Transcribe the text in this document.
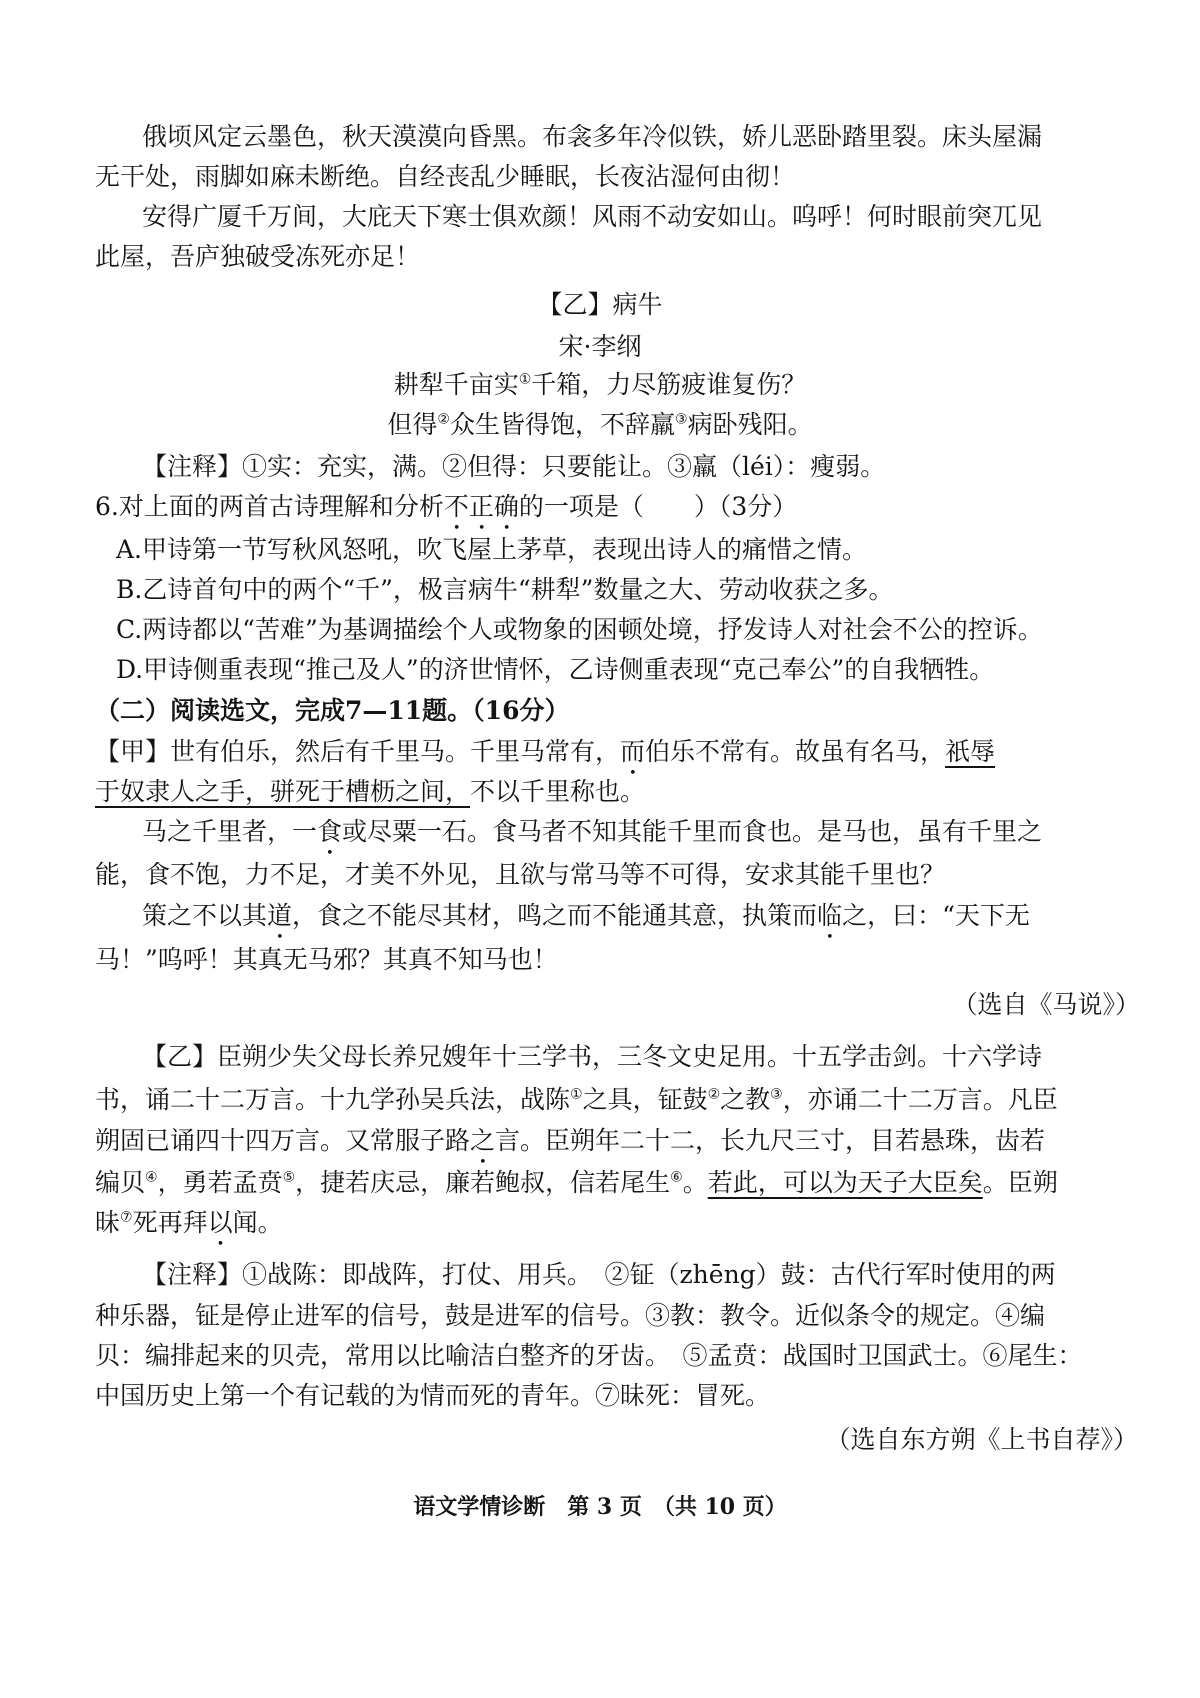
俄顷风定云墨色，秋天漠漠向昏黑。布衾多年冷似铁，娇儿恶卧踏里裂。床头屋漏
无干处，雨脚如麻未断绝。自经丧乱少睡眠，长夜沾湿何由彻！
安得广厦千万间，大庇天下寒士俱欢颜！风雨不动安如山。呜呼！何时眼前突兀见
此屋，吾庐独破受冻死亦足！
【乙】病牛
宋·李纲
耕犁千亩实①千箱，力尽筋疲谁复伤？
但得②众生皆得饱，不辞羸③病卧残阳。
【注释】①实：充实，满。②但得：只要能让。③羸（léi）：瘦弱。
6.对上面的两首古诗理解和分析不正确的一项是（　　）（3分）
A.甲诗第一节写秋风怒吼，吹飞屋上茅草，表现出诗人的痛惜之情。
B.乙诗首句中的两个“千”，极言病牛“耕犁”数量之大、劳动收获之多。
C.两诗都以“苦难”为基调描绘个人或物象的困顿处境，抒发诗人对社会不公的控诉。
D.甲诗侧重表现“推己及人”的济世情怀，乙诗侧重表现“克己奉公”的自我牺牲。
（二）阅读选文，完成7—11题。（16分）
【甲】世有伯乐，然后有千里马。千里马常有，而伯乐不常有。故虽有名马，祇辱
于奴隶人之手，骈死于槽枥之间，不以千里称也。
马之千里者，一食或尽粟一石。食马者不知其能千里而食也。是马也，虽有千里之
能，食不饱，力不足，才美不外见，且欲与常马等不可得，安求其能千里也？
策之不以其道，食之不能尽其材，鸣之而不能通其意，执策而临之，曰：“天下无
马！”呜呼！其真无马邪？其真不知马也！
（选自《马说》）
【乙】臣朔少失父母长养兄嫂年十三学书，三冬文史足用。十五学击剑。十六学诗
书，诵二十二万言。十九学孙吴兵法，战陈①之具，钲鼓②之教③，亦诵二十二万言。凡臣
朔固已诵四十四万言。又常服子路之言。臣朔年二十二，长九尺三寸，目若悬珠，齿若
编贝④，勇若孟贲⑤，捷若庆忌，廉若鲍叔，信若尾生⑥。若此，可以为天子大臣矣。臣朔
昧⑦死再拜以闻。
【注释】①战陈：即战阵，打仗、用兵。　②钲（zhēng）鼓：古代行军时使用的两
种乐器，钲是停止进军的信号，鼓是进军的信号。③教：教令。近似条令的规定。④编
贝：编排起来的贝壳，常用以比喻洁白整齐的牙齿。　⑤孟贲：战国时卫国武士。⑥尾生：
中国历史上第一个有记载的为情而死的青年。⑦昧死：冒死。
（选自东方朔《上书自荐》）
语文学情诊断　第 3 页　（共 10 页）
